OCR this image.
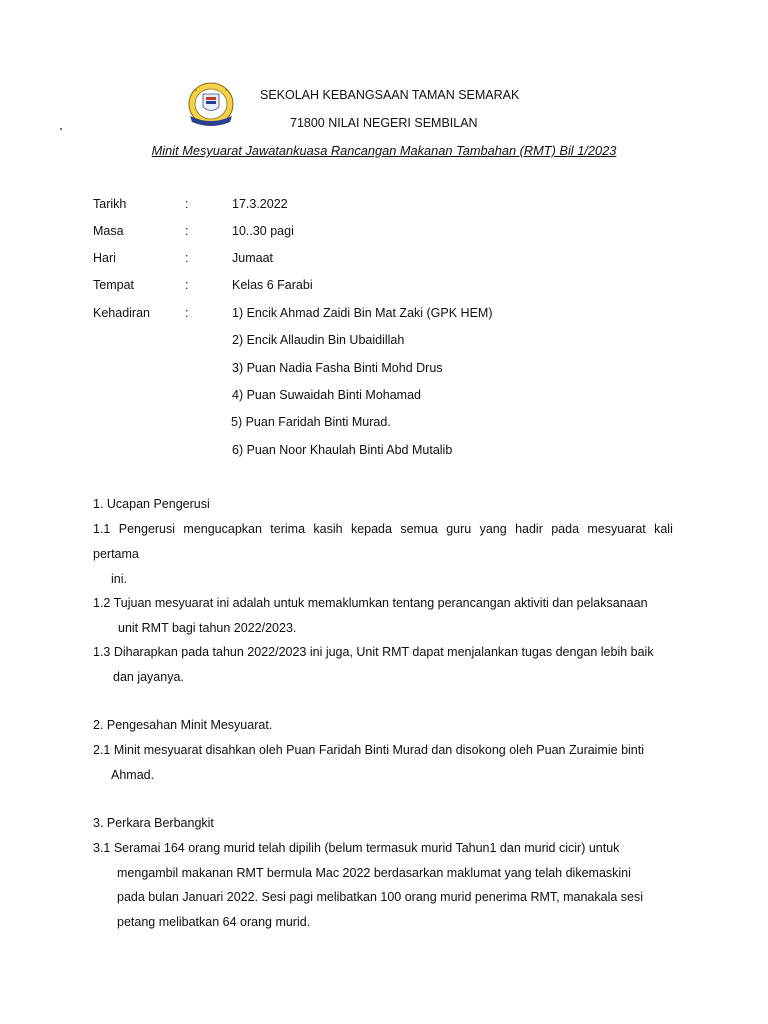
SEKOLAH KEBANGSAAN TAMAN SEMARAK
71800 NILAI NEGERI SEMBILAN
Minit Mesyuarat Jawatankuasa Rancangan Makanan Tambahan (RMT) Bil 1/2023
Tarikh	:	17.3.2022
Masa	:	10..30 pagi
Hari	:	Jumaat
Tempat	:	Kelas 6 Farabi
Kehadiran	:	1) Encik Ahmad Zaidi Bin Mat Zaki (GPK HEM)
2) Encik Allaudin Bin Ubaidillah
3) Puan Nadia Fasha Binti Mohd Drus
4) Puan Suwaidah Binti Mohamad
5) Puan Faridah Binti Murad.
6) Puan Noor Khaulah Binti Abd Mutalib
1. Ucapan Pengerusi
1.1 Pengerusi mengucapkan terima kasih kepada semua guru yang hadir pada mesyuarat kali
pertama
ini.
1.2 Tujuan mesyuarat ini adalah untuk memaklumkan tentang perancangan aktiviti dan pelaksanaan
unit RMT bagi tahun 2022/2023.
1.3 Diharapkan pada tahun 2022/2023 ini juga, Unit RMT dapat menjalankan tugas dengan lebih baik
dan jayanya.
2. Pengesahan Minit Mesyuarat.
2.1 Minit mesyuarat disahkan oleh Puan Faridah Binti Murad dan disokong oleh Puan Zuraimie binti
Ahmad.
3. Perkara Berbangkit
3.1 Seramai 164 orang murid telah dipilih (belum termasuk murid Tahun1 dan murid cicir) untuk
mengambil makanan RMT bermula Mac 2022 berdasarkan maklumat yang telah dikemaskini
pada bulan Januari 2022. Sesi pagi melibatkan 100 orang murid penerima RMT, manakala sesi
petang melibatkan 64 orang murid.
